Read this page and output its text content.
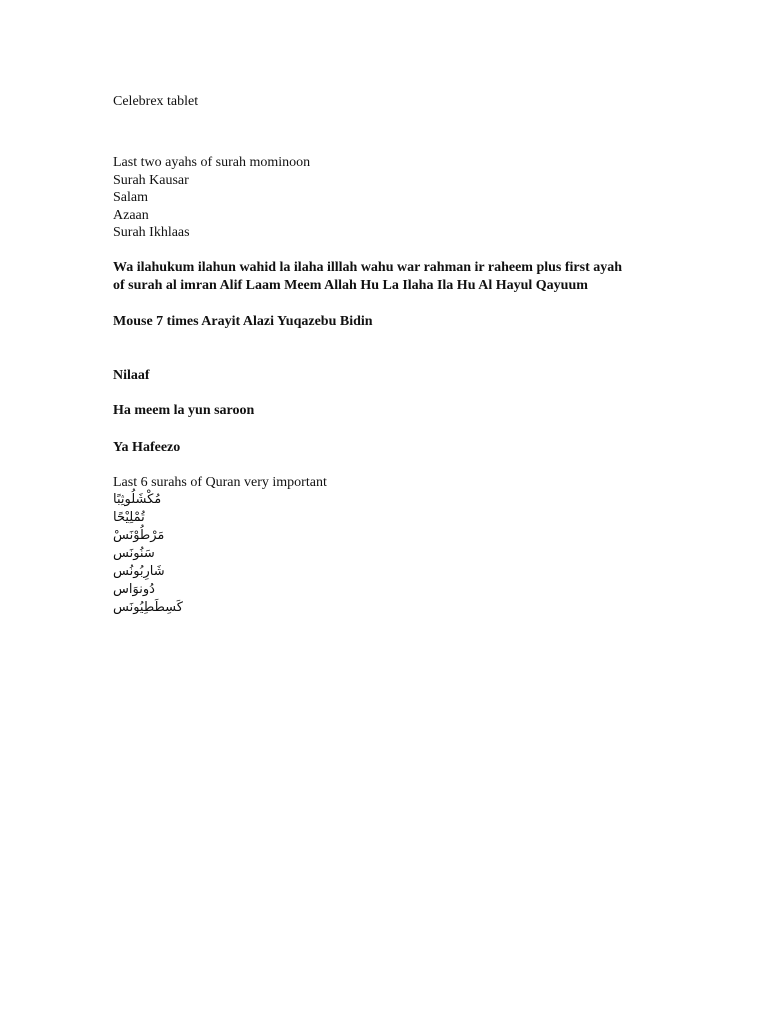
Celebrex tablet
Last two ayahs of surah mominoon
Surah Kausar
Salam
Azaan
Surah Ikhlaas
Wa ilahukum ilahun wahid la ilaha illlah wahu war rahman ir raheem plus first ayah of surah al imran Alif Laam Meem Allah Hu La Ilaha Ila Hu Al Hayul Qayuum
Mouse 7 times Arayit Alazi Yuqazebu Bidin
Nilaaf
Ha meem la yun saroon
Ya Hafeezo
Last 6 surahs of Quran very important
مُكْشَلُوثِبًا
تُمْلِيْحًا
مَرْطُوْنَسْ
سَنُونَس
شَارِبُونُس
دُونوَاس
كَسِطَطِيُونَس
